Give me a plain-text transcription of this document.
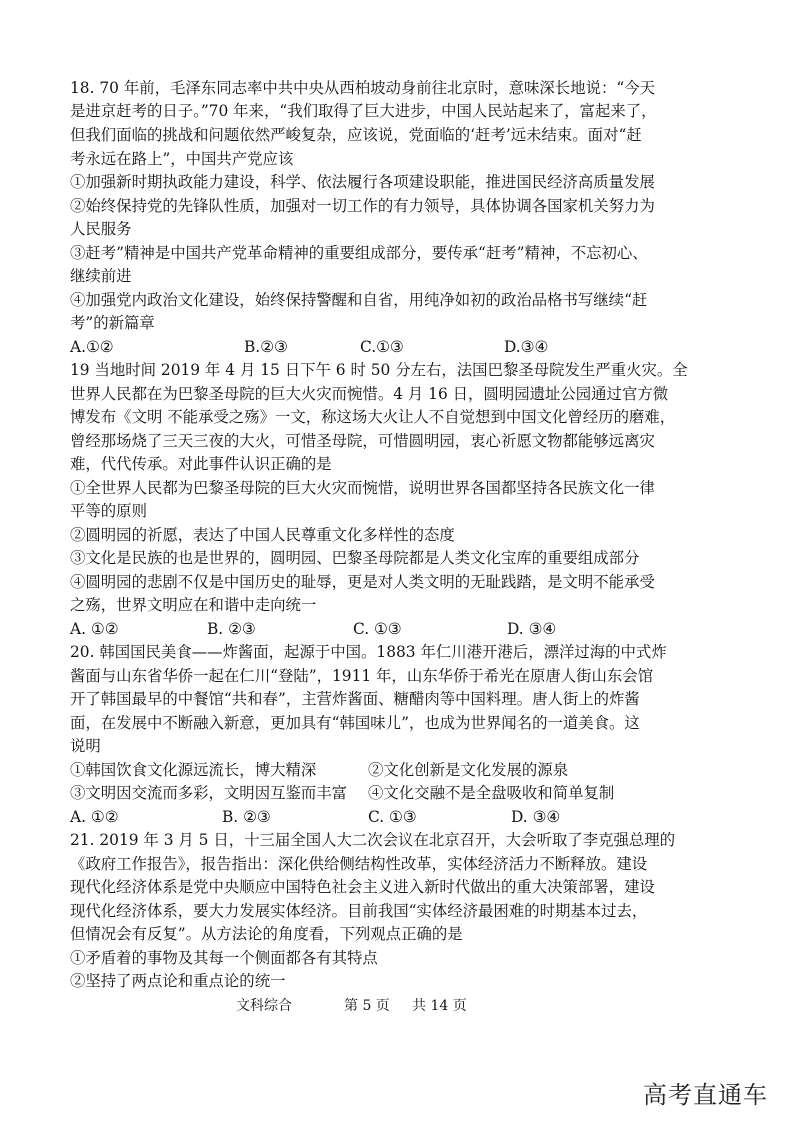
18. 70 年前，毛泽东同志率中共中央从西柏坡动身前往北京时，意味深长地说：“今天
是进京赶考的日子。”70 年来，“我们取得了巨大进步，中国人民站起来了，富起来了，
但我们面临的挑战和问题依然严峻复杂，应该说，党面临的‘赶考’远未结束。面对“赶
考永远在路上”，中国共产党应该
①加强新时期执政能力建设，科学、依法履行各项建设职能，推进国民经济高质量发展
②始终保持党的先锋队性质，加强对一切工作的有力领导，具体协调各国家机关努力为
人民服务
③赶考”精神是中国共产党革命精神的重要组成部分，要传承“赶考”精神，不忘初心、
继续前进
④加强党内政治文化建设，始终保持警醒和自省，用纯净如初的政治品格书写继续“赶
考”的新篇章
A.①②	B.②③	C.①③	D.③④
19 当地时间 2019 年 4 月 15 日下午 6 时 50 分左右，法国巴黎圣母院发生严重火灾。全
世界人民都在为巴黎圣母院的巨大火灾而惋惜。4 月 16 日，圆明园遗址公园通过官方微
博发布《文明 不能承受之殇》一文，称这场大火让人不自觉想到中国文化曾经历的磨难，
曾经那场烧了三天三夜的大火，可惜圣母院，可惜圆明园，衷心祈愿文物都能够远离灾
难，代代传承。对此事件认识正确的是
①全世界人民都为巴黎圣母院的巨大火灾而惋惜，说明世界各国都坚持各民族文化一律
平等的原则
②圆明园的祈愿，表达了中国人民尊重文化多样性的态度
③文化是民族的也是世界的，圆明园、巴黎圣母院都是人类文化宝库的重要组成部分
④圆明园的悲剧不仅是中国历史的耻辱，更是对人类文明的无耻践踏，是文明不能承受
之殇，世界文明应在和谐中走向统一
A. ①②	B. ②③	C. ①③	D. ③④
20. 韩国国民美食——炸酱面，起源于中国。1883 年仁川港开港后，漂洋过海的中式炸
酱面与山东省华侨一起在仁川“登陆”，1911 年，山东华侨于希光在原唐人街山东会馆
开了韩国最早的中餐馆“共和春”，主营炸酱面、糖醋肉等中国料理。唐人街上的炸酱
面，在发展中不断融入新意，更加具有“韩国味儿”，也成为世界闻名的一道美食。这
说明
①韩国饮食文化源远流长，博大精深	②文化创新是文化发展的源泉
③文明因交流而多彩，文明因互鉴而丰富 ④文化交融不是全盘吸收和简单复制
A. ①②	B. ②③	C. ①③	D. ③④
21. 2019 年 3 月 5 日，十三届全国人大二次会议在北京召开，大会听取了李克强总理的
《政府工作报告》，报告指出：深化供给侧结构性改革，实体经济活力不断释放。建设
现代化经济体系是党中央顺应中国特色社会主义进入新时代做出的重大决策部署，建设
现代化经济体系，要大力发展实体经济。目前我国“实体经济最困难的时期基本过去，
但情况会有反复”。从方法论的角度看，下列观点正确的是
①矛盾着的事物及其每一个侧面都各有其特点
②坚持了两点论和重点论的统一
文科综合	第 5 页 共 14 页
高考直通车
